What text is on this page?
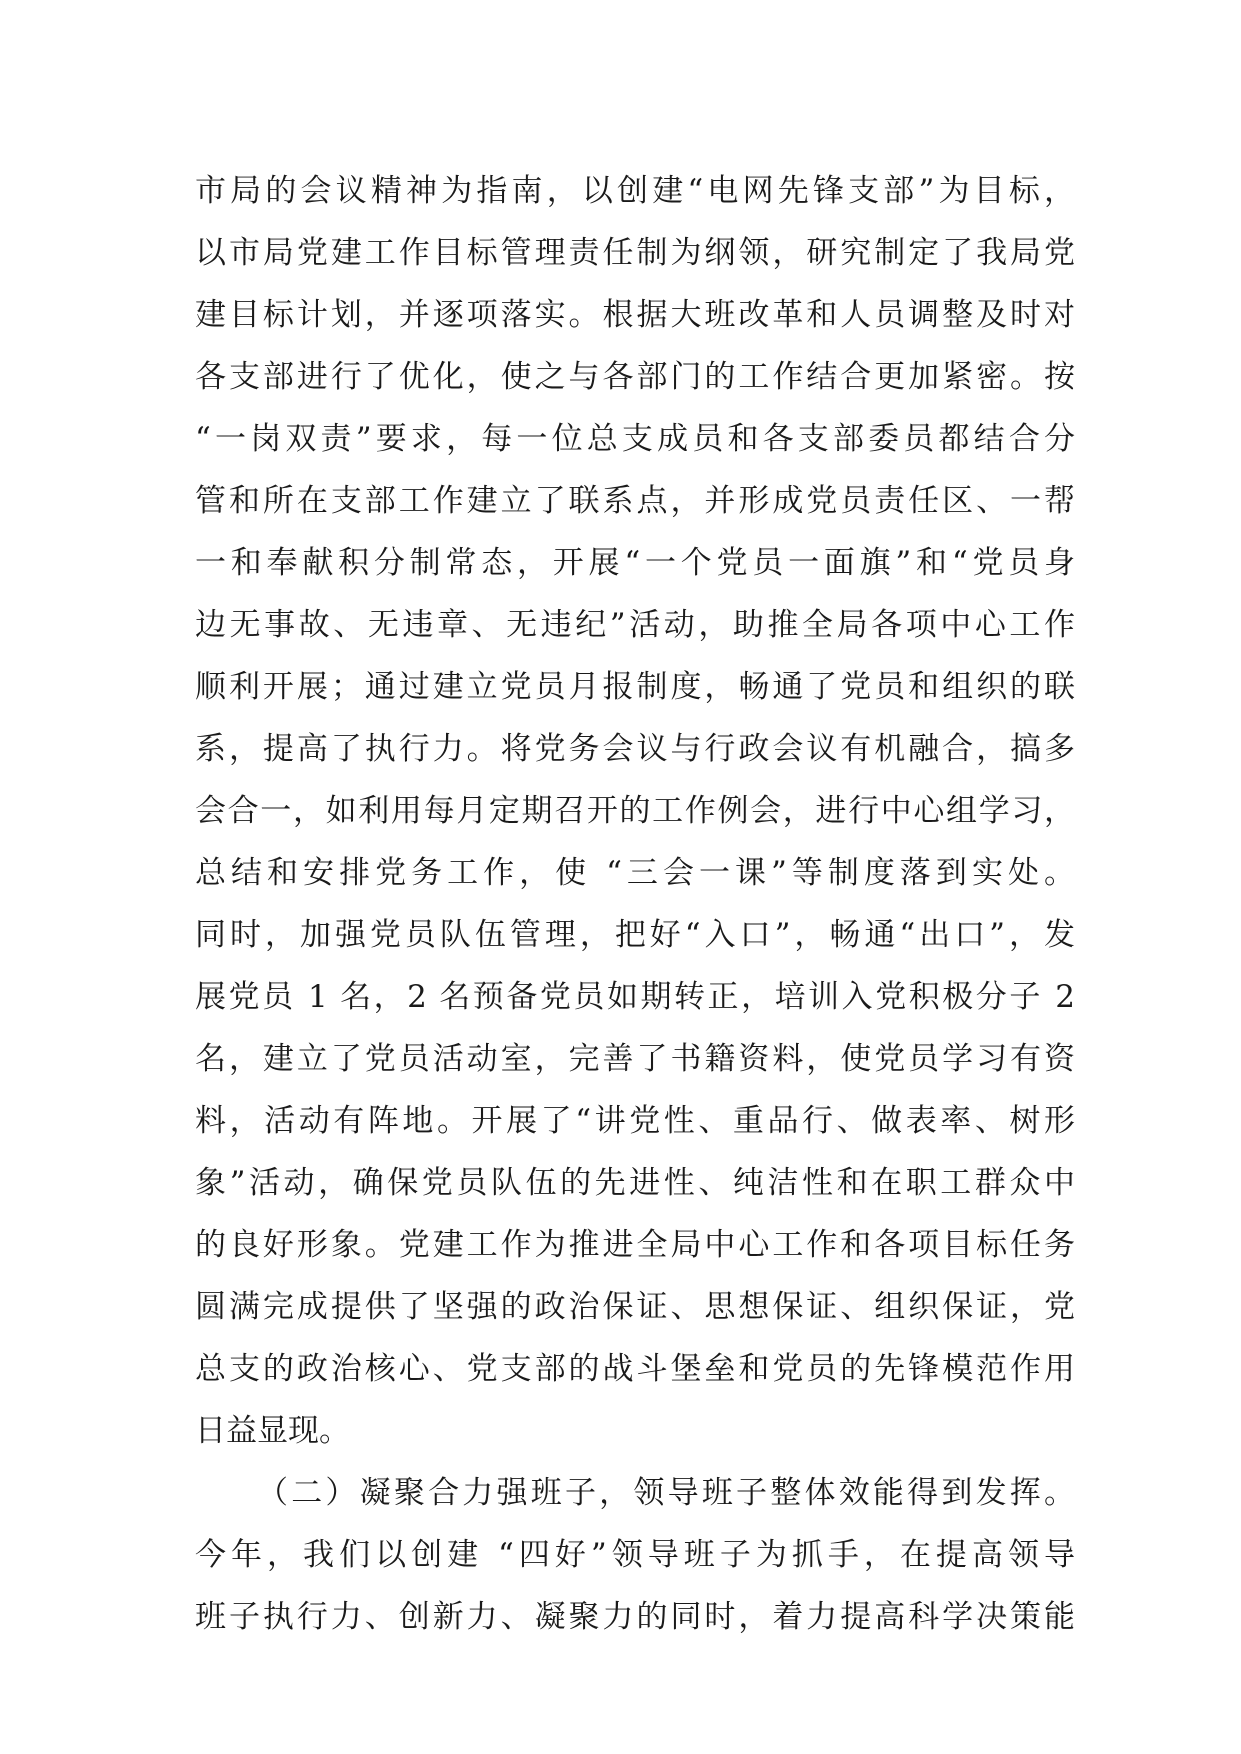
市局的会议精神为指南，以创建“电网先锋支部”为目标，
以市局党建工作目标管理责任制为纲领，研究制定了我局党
建目标计划，并逐项落实。根据大班改革和人员调整及时对
各支部进行了优化，使之与各部门的工作结合更加紧密。按
“一岗双责”要求，每一位总支成员和各支部委员都结合分
管和所在支部工作建立了联系点，并形成党员责任区、一帮
一和奉献积分制常态，开展“一个党员一面旗”和“党员身
边无事故、无违章、无违纪”活动，助推全局各项中心工作
顺利开展；通过建立党员月报制度，畅通了党员和组织的联
系，提高了执行力。将党务会议与行政会议有机融合，搞多
会合一，如利用每月定期召开的工作例会，进行中心组学习，
总结和安排党务工作，使 “三会一课”等制度落到实处。
同时，加强党员队伍管理，把好“入口”，畅通“出口”，发
展党员 1 名，2 名预备党员如期转正，培训入党积极分子 2
名，建立了党员活动室，完善了书籍资料，使党员学习有资
料，活动有阵地。开展了“讲党性、重品行、做表率、树形
象”活动，确保党员队伍的先进性、纯洁性和在职工群众中
的良好形象。党建工作为推进全局中心工作和各项目标任务
圆满完成提供了坚强的政治保证、思想保证、组织保证，党
总支的政治核心、党支部的战斗堡垒和党员的先锋模范作用
日益显现。
（二）凝聚合力强班子，领导班子整体效能得到发挥。
今年，我们以创建 “四好”领导班子为抓手，在提高领导
班子执行力、创新力、凝聚力的同时，着力提高科学决策能
